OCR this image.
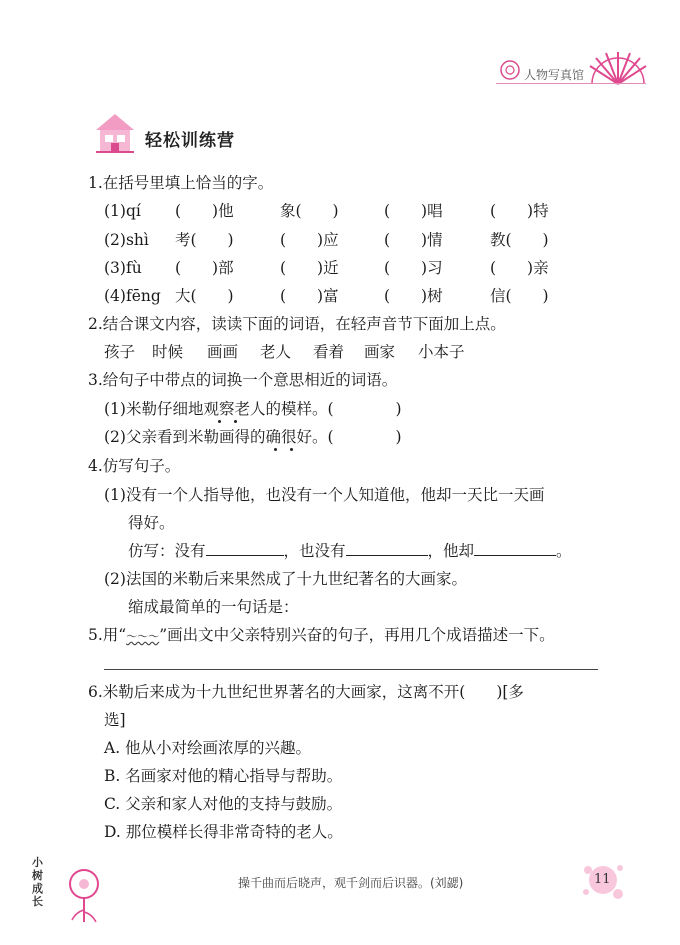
人物写真馆
轻松训练营
1.在括号里填上恰当的字。
(1)qí (　　)他	象(　　)	(　　)唱	(　　)特
(2)shì 考(　　)	(　　)应	(　　)情	教(　　)
(3)fù (　　)部	(　　)近	(　　)习	(　　)亲
(4)fēng 大(　　)	(　　)富	(　　)树	信(　　)
2.结合课文内容，读读下面的词语，在轻声音节下面加上点。
孩子 时候 画画 老人 看着 画家 小本子
3.给句子中带点的词换一个意思相近的词语。
(1)米勒仔细地观察老人的模样。(　　　　)
(2)父亲看到米勒画得的确很好。(　　　　)
4.仿写句子。
(1)没有一个人指导他，也没有一个人知道他，他却一天比一天画
得好。
仿写：没有	，也没有	，他却	。
(2)法国的米勒后来果然成了十九世纪著名的大画家。
缩成最简单的一句话是：
5.用“～～～”画出文中父亲特别兴奋的句子，再用几个成语描述一下。
6.米勒后来成为十九世纪世界著名的大画家，这离不开(　　)[多
选]
A. 他从小对绘画浓厚的兴趣。
B. 名画家对他的精心指导与帮助。
C. 父亲和家人对他的支持与鼓励。
D. 那位模样长得非常奇特的老人。
小树成长
操千曲而后晓声，观千剑而后识器。(刘勰)	11
